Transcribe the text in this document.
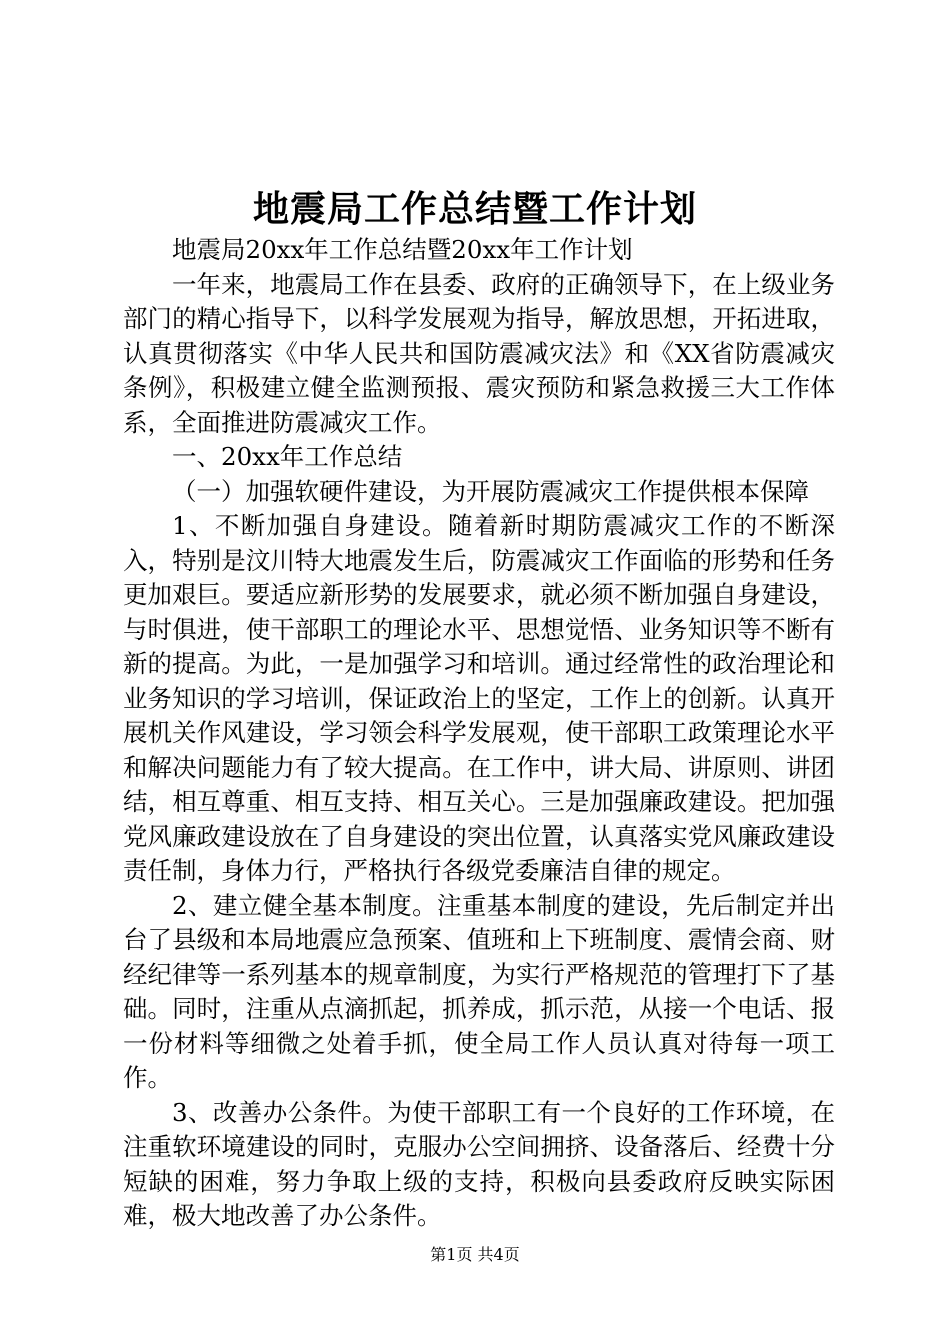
地震局工作总结暨工作计划

地震局20xx年工作总结暨20xx年工作计划

一年来，地震局工作在县委、政府的正确领导下，在上级业务部门的精心指导下，以科学发展观为指导，解放思想，开拓进取，认真贯彻落实《中华人民共和国防震减灾法》和《XX省防震减灾条例》，积极建立健全监测预报、震灾预防和紧急救援三大工作体系，全面推进防震减灾工作。

一、20xx年工作总结

（一）加强软硬件建设，为开展防震减灾工作提供根本保障

1、不断加强自身建设。随着新时期防震减灾工作的不断深入，特别是汶川特大地震发生后，防震减灾工作面临的形势和任务更加艰巨。要适应新形势的发展要求，就必须不断加强自身建设，与时俱进，使干部职工的理论水平、思想觉悟、业务知识等不断有新的提高。为此，一是加强学习和培训。通过经常性的政治理论和业务知识的学习培训，保证政治上的坚定，工作上的创新。认真开展机关作风建设，学习领会科学发展观，使干部职工政策理论水平和解决问题能力有了较大提高。在工作中，讲大局、讲原则、讲团结，相互尊重、相互支持、相互关心。三是加强廉政建设。把加强党风廉政建设放在了自身建设的突出位置，认真落实党风廉政建设责任制，身体力行，严格执行各级党委廉洁自律的规定。

2、建立健全基本制度。注重基本制度的建设，先后制定并出台了县级和本局地震应急预案、值班和上下班制度、震情会商、财经纪律等一系列基本的规章制度，为实行严格规范的管理打下了基础。同时，注重从点滴抓起，抓养成，抓示范，从接一个电话、报一份材料等细微之处着手抓，使全局工作人员认真对待每一项工作。

3、改善办公条件。为使干部职工有一个良好的工作环境，在注重软环境建设的同时，克服办公空间拥挤、设备落后、经费十分短缺的困难，努力争取上级的支持，积极向县委政府反映实际困难，极大地改善了办公条件。

第1页 共4页
